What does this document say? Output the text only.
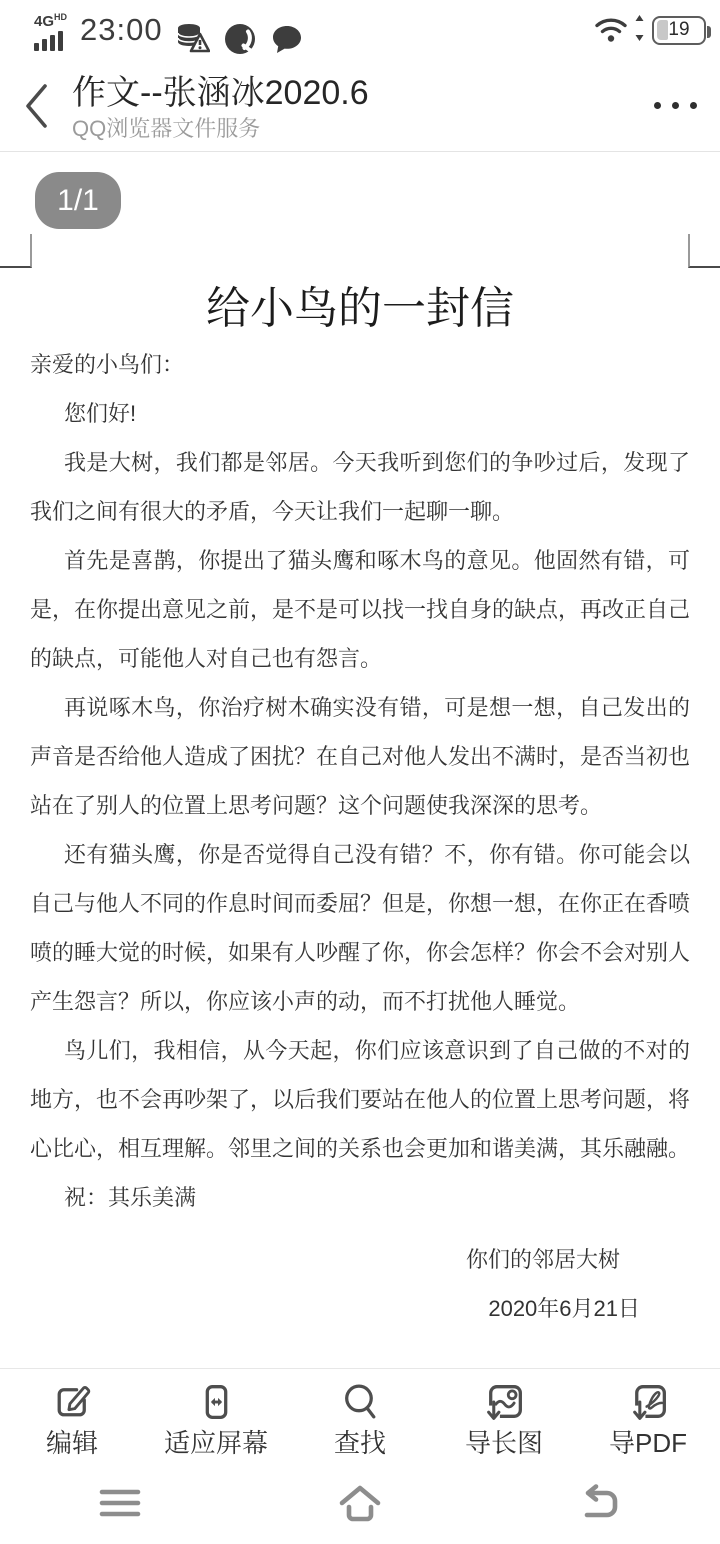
$4G^{HD}$ 23:00	19
作文--张涵冰2020.6
QQ浏览器文件服务
1/1
给小鸟的一封信

亲爱的小鸟们：

您们好!

我是大树，我们都是邻居。今天我听到您们的争吵过后，发现了我们之间有很大的矛盾，今天让我们一起聊一聊。

首先是喜鹊，你提出了猫头鹰和啄木鸟的意见。他固然有错，可是，在你提出意见之前，是不是可以找一找自身的缺点，再改正自己的缺点，可能他人对自己也有怨言。

再说啄木鸟，你治疗树木确实没有错，可是想一想，自己发出的声音是否给他人造成了困扰？在自己对他人发出不满时，是否当初也站在了别人的位置上思考问题？这个问题使我深深的思考。

还有猫头鹰，你是否觉得自己没有错？不，你有错。你可能会以自己与他人不同的作息时间而委屈？但是，你想一想，在你正在香喷喷的睡大觉的时候，如果有人吵醒了你，你会怎样？你会不会对别人产生怨言？所以，你应该小声的动，而不打扰他人睡觉。

鸟儿们，我相信，从今天起，你们应该意识到了自己做的不对的地方，也不会再吵架了，以后我们要站在他人的位置上思考问题，将心比心，相互理解。邻里之间的关系也会更加和谐美满，其乐融融。

祝：其乐美满

你们的邻居大树

2020年6月21日

编辑	适应屏幕	查找	导长图	导PDF
